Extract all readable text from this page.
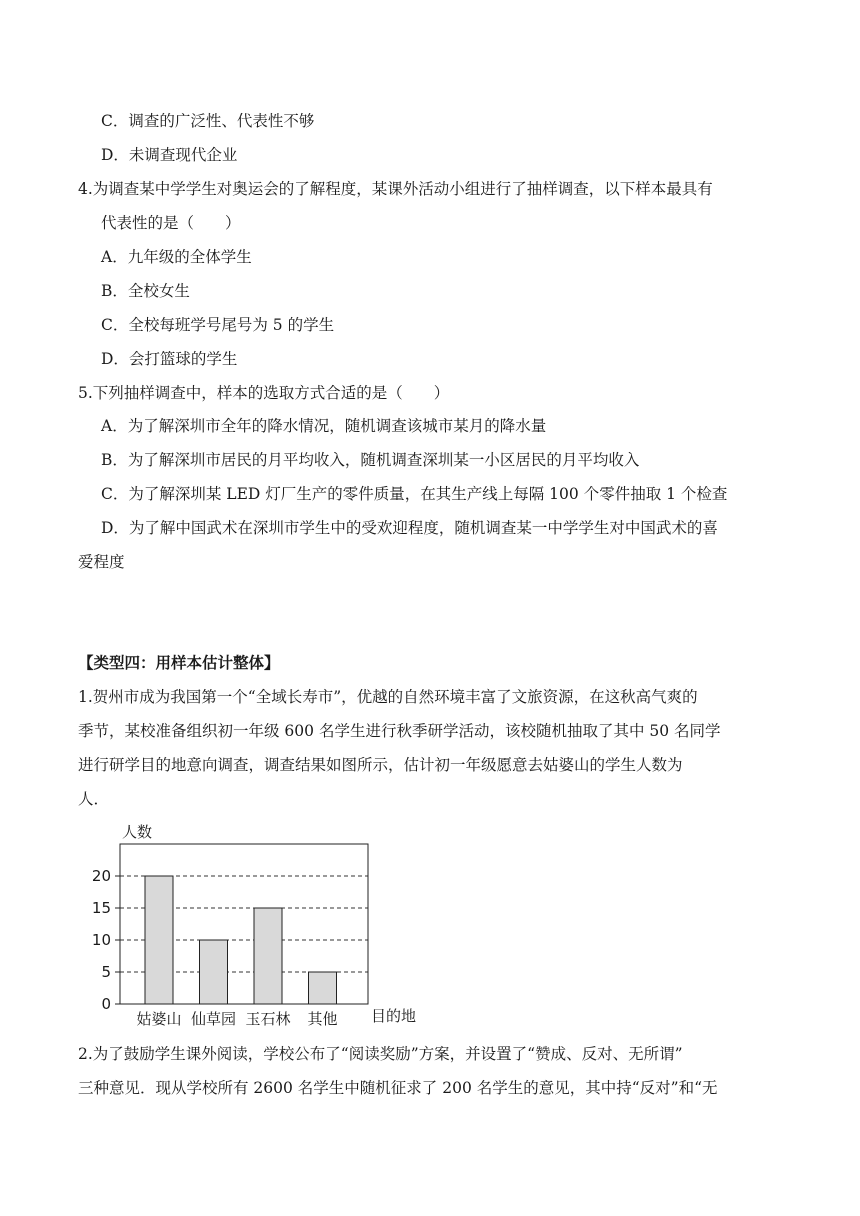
C．调查的广泛性、代表性不够
D．未调查现代企业
4.为调查某中学学生对奥运会的了解程度，某课外活动小组进行了抽样调查，以下样本最具有
代表性的是（　　）
A．九年级的全体学生
B．全校女生
C．全校每班学号尾号为 5 的学生
D．会打篮球的学生
5.下列抽样调查中，样本的选取方式合适的是（　　）
A．为了解深圳市全年的降水情况，随机调查该城市某月的降水量
B．为了解深圳市居民的月平均收入，随机调查深圳某一小区居民的月平均收入
C．为了解深圳某 LED 灯厂生产的零件质量，在其生产线上每隔 100 个零件抽取 1 个检查
D．为了解中国武术在深圳市学生中的受欢迎程度，随机调查某一中学学生对中国武术的喜
爱程度
【类型四：用样本估计整体】
1.贺州市成为我国第一个“全域长寿市”，优越的自然环境丰富了文旅资源，在这秋高气爽的
季节，某校准备组织初一年级 600 名学生进行秋季研学活动，该校随机抽取了其中 50 名同学
进行研学目的地意向调查，调查结果如图所示，估计初一年级愿意去姑婆山的学生人数为
人．
0
5
10
15
20
姑婆山 仙草园 玉石林 其他
人数
目的地
2.为了鼓励学生课外阅读，学校公布了“阅读奖励”方案，并设置了“赞成、反对、无所谓”
三种意见．现从学校所有 2600 名学生中随机征求了 200 名学生的意见，其中持“反对”和“无
